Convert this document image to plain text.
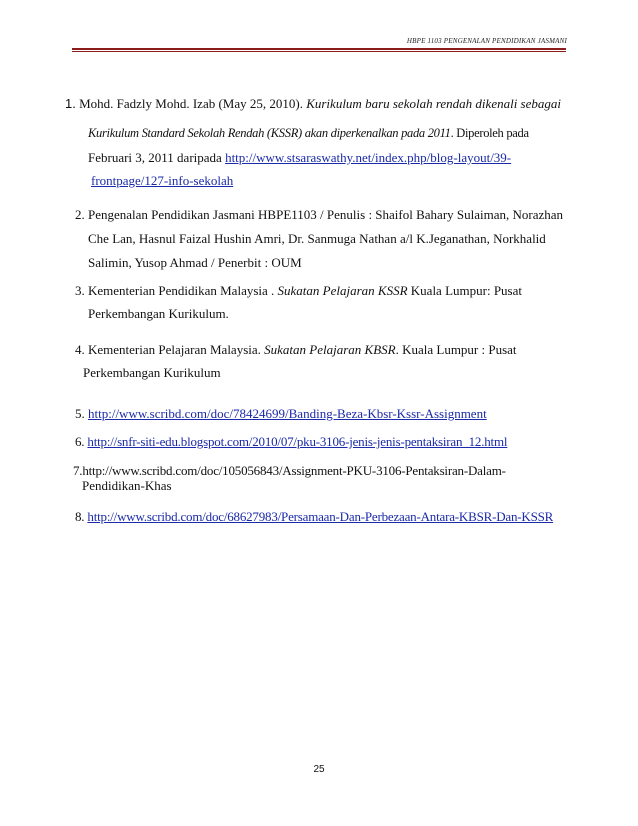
HBPE 1103 PENGENALAN PENDIDIKAN JASMANI
1. Mohd. Fadzly Mohd. Izab (May 25, 2010). Kurikulum baru sekolah rendah dikenali sebagai
Kurikulum Standard Sekolah Rendah (KSSR) akan diperkenalkan pada 2011. Diperoleh pada
Februari 3, 2011 daripada http://www.stsaraswathy.net/index.php/blog-layout/39-
frontpage/127-info-sekolah
2. Pengenalan Pendidikan Jasmani HBPE1103 / Penulis : Shaifol Bahary Sulaiman, Norazhan
Che Lan, Hasnul Faizal Hushin Amri, Dr. Sanmuga Nathan a/l K.Jeganathan, Norkhalid
Salimin, Yusop Ahmad / Penerbit : OUM
3. Kementerian Pendidikan Malaysia . Sukatan Pelajaran KSSR Kuala Lumpur: Pusat
Perkembangan Kurikulum.
4. Kementerian Pelajaran Malaysia. Sukatan Pelajaran KBSR. Kuala Lumpur : Pusat
Perkembangan Kurikulum
5. http://www.scribd.com/doc/78424699/Banding-Beza-Kbsr-Kssr-Assignment
6. http://snfr-siti-edu.blogspot.com/2010/07/pku-3106-jenis-jenis-pentaksiran_12.html
7.http://www.scribd.com/doc/105056843/Assignment-PKU-3106-Pentaksiran-Dalam-
Pendidikan-Khas
8. http://www.scribd.com/doc/68627983/Persamaan-Dan-Perbezaan-Antara-KBSR-Dan-KSSR
25
